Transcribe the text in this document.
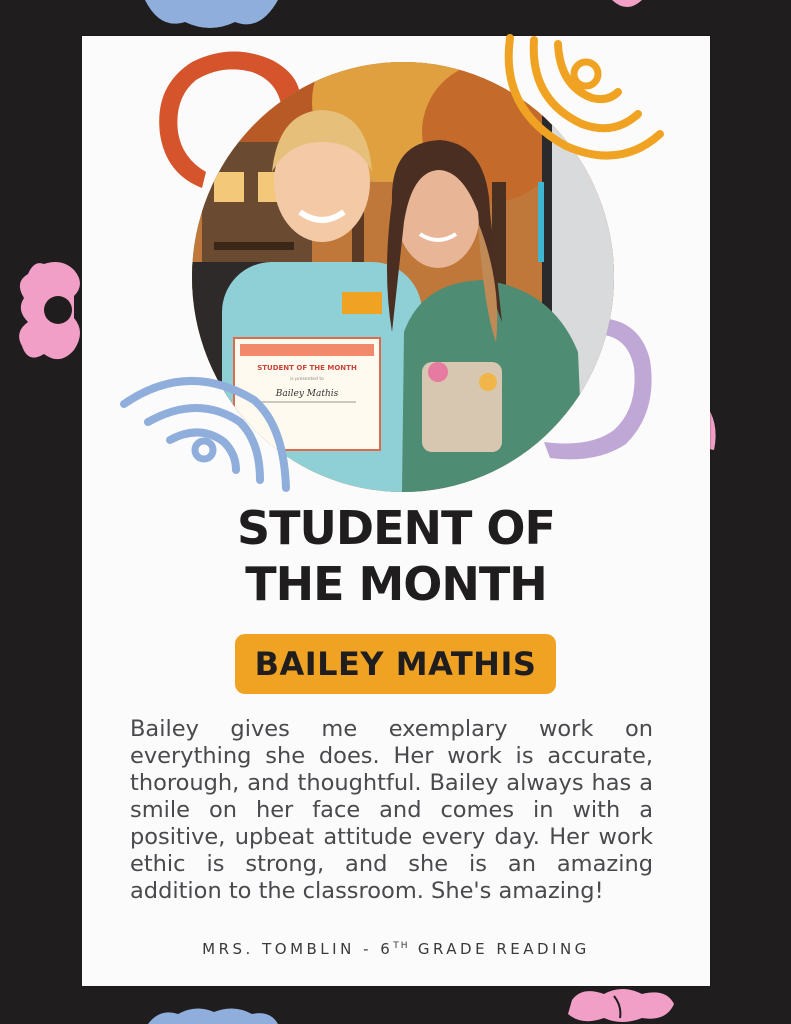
STUDENT OF THE MONTH
is presented to
Bailey Mathis
STUDENT OF
THE MONTH
BAILEY MATHIS
Bailey gives me exemplary work on everything she does. Her work is accurate, thorough, and thoughtful. Bailey always has a smile on her face and comes in with a positive, upbeat attitude every day. Her work ethic is strong, and she is an amazing addition to the classroom. She's amazing!
MRS. TOMBLIN - 6TH GRADE READING
